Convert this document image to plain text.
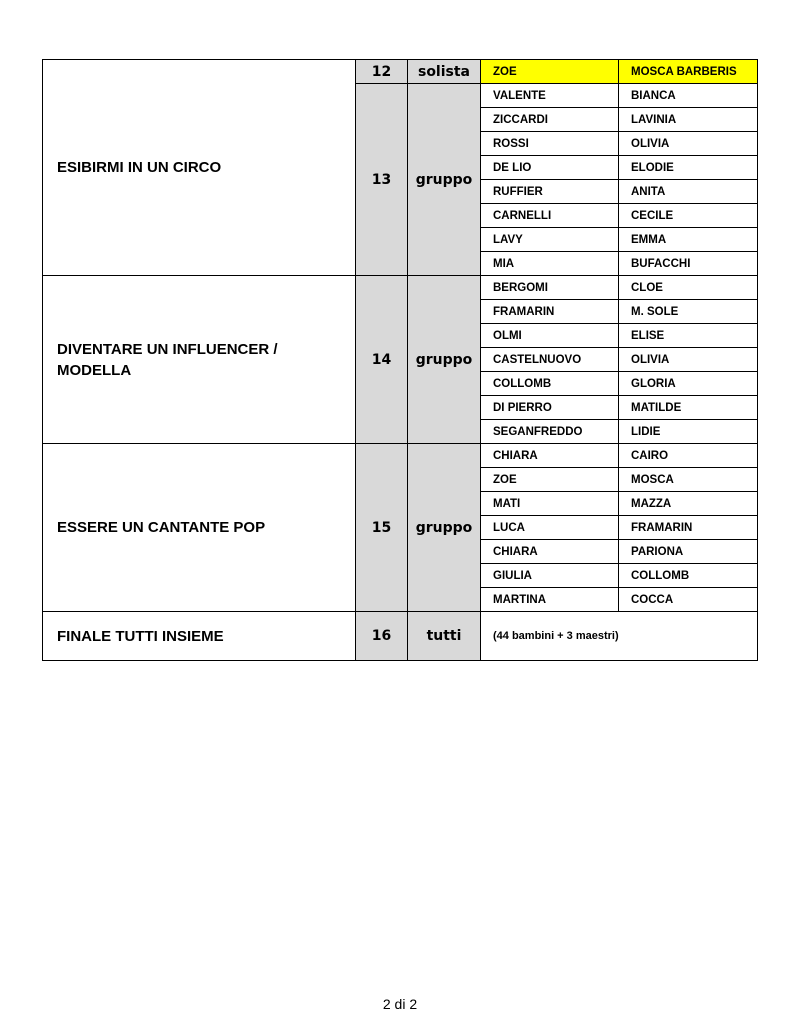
ESIBIRMI IN UN CIRCO	12	solista	ZOE	MOSCA BARBERIS
	13	gruppo	VALENTE	BIANCA
			ZICCARDI	LAVINIA
			ROSSI	OLIVIA
			DE LIO	ELODIE
			RUFFIER	ANITA
			CARNELLI	CECILE
			LAVY	EMMA
			MIA	BUFACCHI
DIVENTARE UN INFLUENCER / MODELLA	14	gruppo	BERGOMI	CLOE
			FRAMARIN	M. SOLE
			OLMI	ELISE
			CASTELNUOVO	OLIVIA
			COLLOMB	GLORIA
			DI PIERRO	MATILDE
			SEGANFREDDO	LIDIE
ESSERE UN CANTANTE POP	15	gruppo	CHIARA	CAIRO
			ZOE	MOSCA
			MATI	MAZZA
			LUCA	FRAMARIN
			CHIARA	PARIONA
			GIULIA	COLLOMB
			MARTINA	COCCA
FINALE TUTTI INSIEME	16	tutti	(44 bambini + 3 maestri)	
2 di 2
